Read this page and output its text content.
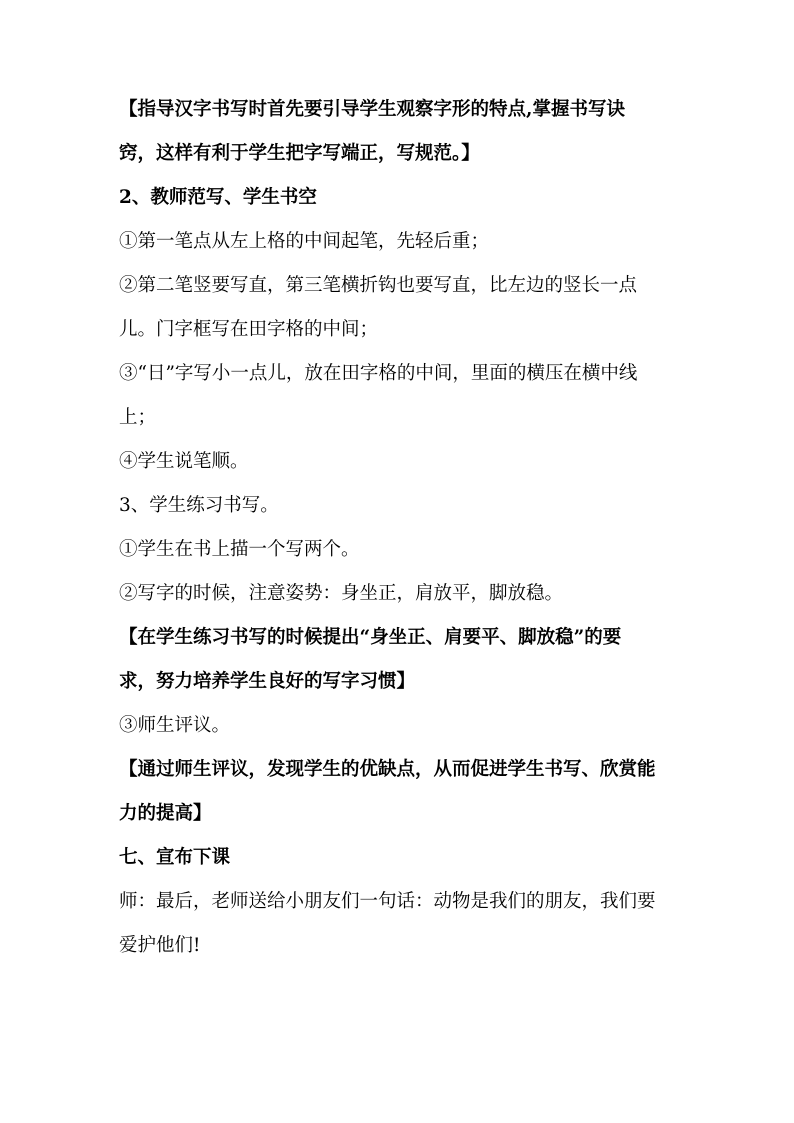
【指导汉字书写时首先要引导学生观察字形的特点,掌握书写诀

窍，这样有利于学生把字写端正，写规范。】

2、教师范写、学生书空

①第一笔点从左上格的中间起笔，先轻后重；

②第二笔竖要写直，第三笔横折钩也要写直，比左边的竖长一点

儿。门字框写在田字格的中间；

③“日”字写小一点儿，放在田字格的中间，里面的横压在横中线

上；

④学生说笔顺。

3、学生练习书写。

①学生在书上描一个写两个。

②写字的时候，注意姿势：身坐正，肩放平，脚放稳。

【在学生练习书写的时候提出“身坐正、肩要平、脚放稳”的要

求，努力培养学生良好的写字习惯】

③师生评议。

【通过师生评议，发现学生的优缺点，从而促进学生书写、欣赏能

力的提高】

七、宣布下课

师：最后，老师送给小朋友们一句话：动物是我们的朋友，我们要

爱护他们!
